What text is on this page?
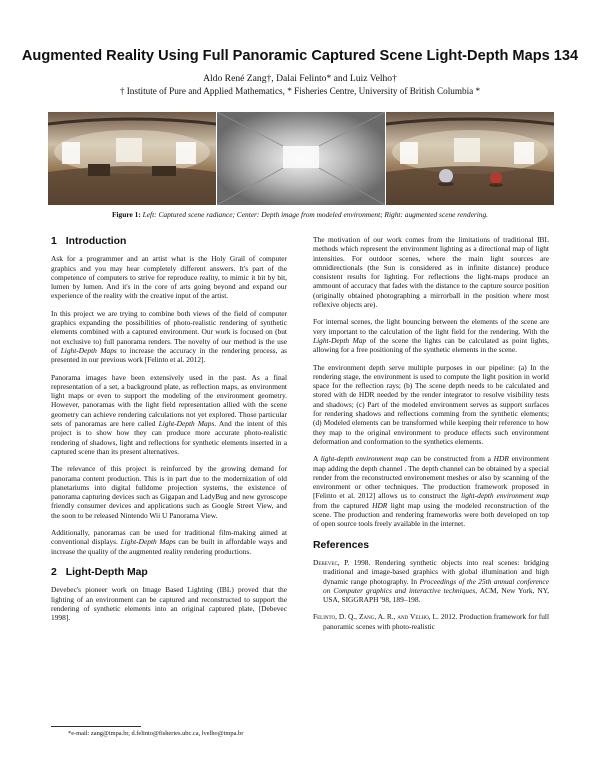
Augmented Reality Using Full Panoramic Captured Scene Light-Depth Maps 134
Aldo René Zang†, Dalai Felinto* and Luiz Velho†
† Institute of Pure and Applied Mathematics, * Fisheries Centre, University of British Columbia *
Figure 1: Left: Captured scene radiance; Center: Depth image from modeled environment; Right: augmented scene rendering.
1 Introduction

Ask for a programmer and an artist what is the Holy Grail of computer graphics and you may hear completely different answers. It's part of the competence of computers to strive for reproduce reality, to mimic it bit by bit, lumen by lumen. And it's in the core of arts going beyond and expand our experience of the reality with the creative input of the artist.

In this project we are trying to combine both views of the field of computer graphics expanding the possibilities of photo-realistic rendering of synthetic elements combined with a captured environment. Our work is focused on (but not exclusive to) full panorama renders. The novelty of our method is the use of Light-Depth Maps to increase the accuracy in the rendering process, as presented in our previous work [Felinto et al. 2012].

Panorama images have been extensively used in the past. As a final representation of a set, a background plate, as reflection maps, as environment light maps or even to support the modeling of the environment geometry. However, panoramas with the light field representation allied with the scene geometry can achieve rendering calculations not yet explored. Those particular sets of panoramas are here called Light-Depth Maps. And the intent of this project is to show how they can produce more accurate photo-realistic rendering of shadows, light and reflections for synthetic elements inserted in a captured scene than its present alternatives.

The relevance of this project is reinforced by the growing demand for panorama content production. This is in part due to the modernization of old planetariums into digital fulldome projection systems, the existence of panorama capturing devices such as Gigapan and LadyBug and new gyroscope friendly consumer devices and applications such as Google Street View, and the soon to be released Nintendo Wii U Panorama View.

Additionally, panoramas can be used for traditional film-making aimed at conventional displays. Light-Depth Maps can be built in affordable ways and increase the quality of the augmented reality rendering productions.

2 Light-Depth Map

Devebec's pioneer work on Image Based Lighting (IBL) proved that the lighting of an environment can be captured and reconstructed to support the rendering of synthetic elements into an original captured plate, [Debevec 1998].

The motivation of our work comes from the limitations of traditional IBL methods which represent the environment lighting as a directional map of light intensities. For outdoor scenes, where the main light sources are omnidirectionals (the Sun is considered as in infinite distance) produce consistent results for lighting. For reflections the light-maps produce an ammount of accuracy that fades with the distance to the capture source position (originally obtained photographing a mirrorball in the position where most reflexive objects are).

For internal scenes, the light bouncing between the elements of the scene are very important to the calculation of the light field for the rendering. With the Light-Depth Map of the scene the lights can be calculated as point lights, allowing for a free positioning of the synthetic elements in the scene.

The environment depth serve multiple purposes in our pipeline: (a) In the rendering stage, the environment is used to compute the light position in world space for the reflection rays; (b) The scene depth needs to be calculated and stored with de HDR needed by the render integrator to resolve visibility tests and shadows; (c) Part of the modeled environment serves as support surfaces for rendering shadows and reflections comming from the synthetic elements; (d) Modeled elements can be transformed while keeping their reference to how they map to the original environment to produce effects such environment deformation and conformation to the synthetics elements.

A light-depth environment map can be constructed from a HDR environment map adding the depth channel . The depth channel can be obtained by a special render from the reconstructed environement meshes or also by scanning of the environment or other techniques. The production framework proposed in [Felinto et al. 2012] allows us to construct the light-depth environment map from the captured HDR light map using the modeled reconstruction of the scene. The production and rendering frameworks were both developed on top of open source tools freely available in the internet.

References

Debevec, P. 1998. Rendering synthetic objects into real scenes: bridging traditional and image-based graphics with global illumination and high dynamic range photography. In Proceedings of the 25th annual conference on Computer graphics and interactive techniques, ACM, New York, NY, USA, SIGGRAPH '98, 189–198.

Felinto, D. Q., Zang, A. R., and Velho, L. 2012. Production framework for full panoramic scenes with photo-realistic

*e-mail: zang@impa.br, d.felinto@fisheries.ubc.ca, lvelho@impa.br
